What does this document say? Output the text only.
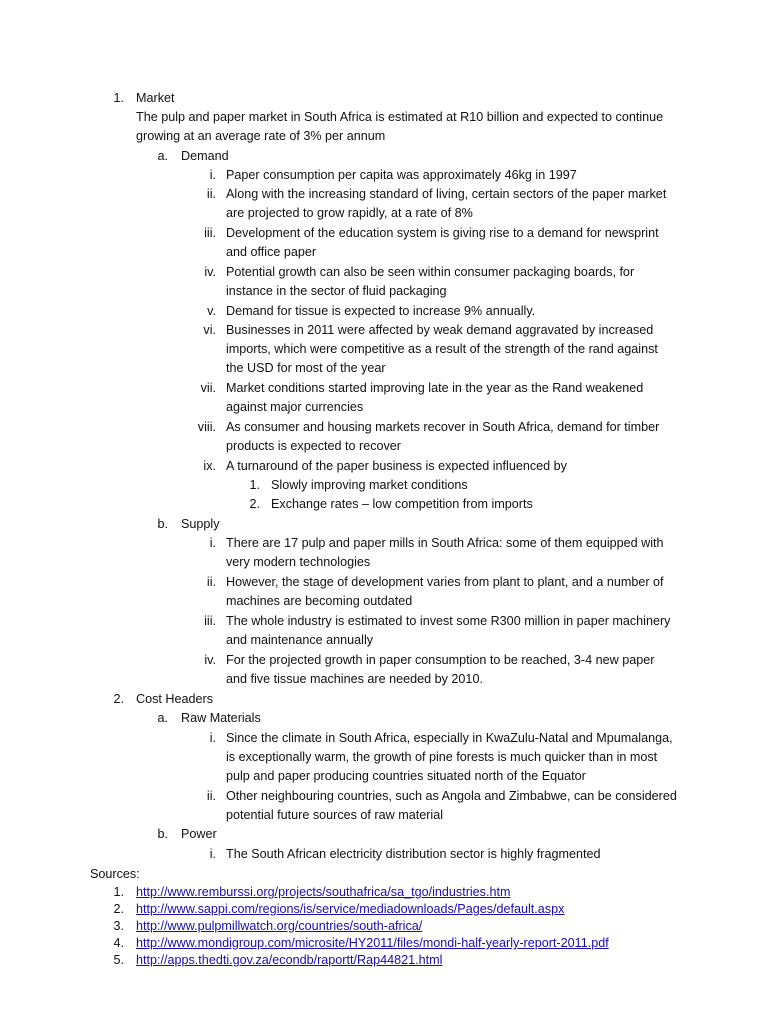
1. Market
The pulp and paper market in South Africa is estimated at R10 billion and expected to continue
growing at an average rate of 3% per annum
a. Demand
i. Paper consumption per capita was approximately 46kg in 1997
ii. Along with the increasing standard of living, certain sectors of the paper market
are projected to grow rapidly, at a rate of 8%
iii. Development of the education system is giving rise to a demand for newsprint
and office paper
iv. Potential growth can also be seen within consumer packaging boards, for
instance in the sector of fluid packaging
v. Demand for tissue is expected to increase 9% annually.
vi. Businesses in 2011 were affected by weak demand aggravated by increased
imports, which were competitive as a result of the strength of the rand against
the USD for most of the year
vii. Market conditions started improving late in the year as the Rand weakened
against major currencies
viii. As consumer and housing markets recover in South Africa, demand for timber
products is expected to recover
ix. A turnaround of the paper business is expected influenced by
1. Slowly improving market conditions
2. Exchange rates – low competition from imports
b. Supply
i. There are 17 pulp and paper mills in South Africa: some of them equipped with
very modern technologies
ii. However, the stage of development varies from plant to plant, and a number of
machines are becoming outdated
iii. The whole industry is estimated to invest some R300 million in paper machinery
and maintenance annually
iv. For the projected growth in paper consumption to be reached, 3-4 new paper
and five tissue machines are needed by 2010.
2. Cost Headers
a. Raw Materials
i. Since the climate in South Africa, especially in KwaZulu-Natal and Mpumalanga,
is exceptionally warm, the growth of pine forests is much quicker than in most
pulp and paper producing countries situated north of the Equator
ii. Other neighbouring countries, such as Angola and Zimbabwe, can be considered
potential future sources of raw material
b. Power
i. The South African electricity distribution sector is highly fragmented
Sources:
1. http://www.remburssi.org/projects/southafrica/sa_tgo/industries.htm
2. http://www.sappi.com/regions/is/service/mediadownloads/Pages/default.aspx
3. http://www.pulpmillwatch.org/countries/south-africa/
4. http://www.mondigroup.com/microsite/HY2011/files/mondi-half-yearly-report-2011.pdf
5. http://apps.thedti.gov.za/econdb/raportt/Rap44821.html
